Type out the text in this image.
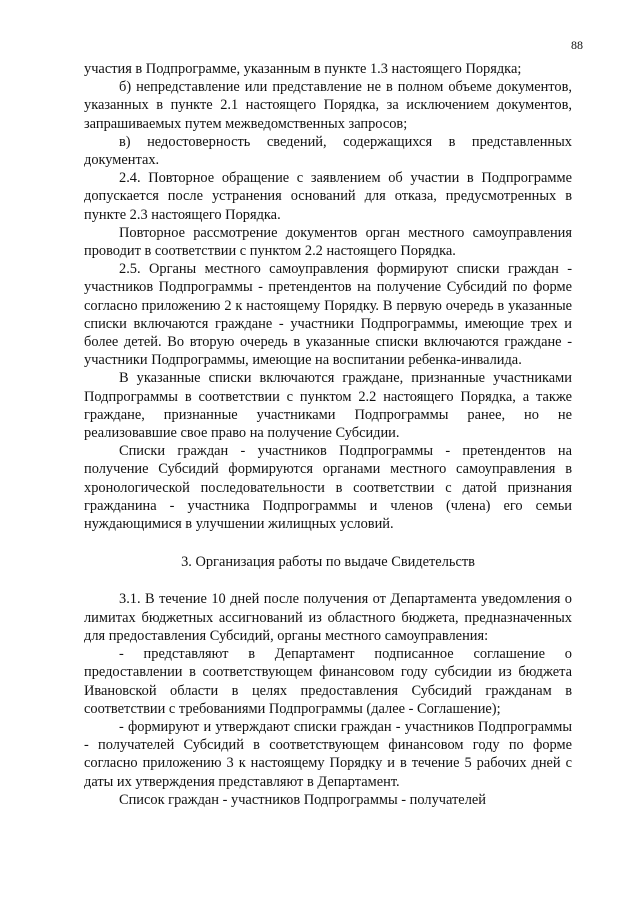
88

участия в Подпрограмме, указанным в пункте 1.3 настоящего Порядка;

б) непредставление или представление не в полном объеме документов, указанных в пункте 2.1 настоящего Порядка, за исключением документов, запрашиваемых путем межведомственных запросов;

в) недостоверность сведений, содержащихся в представленных документах.

2.4. Повторное обращение с заявлением об участии в Подпрограмме допускается после устранения оснований для отказа, предусмотренных в пункте 2.3 настоящего Порядка.

Повторное рассмотрение документов орган местного самоуправления проводит в соответствии с пунктом 2.2 настоящего Порядка.

2.5. Органы местного самоуправления формируют списки граждан - участников Подпрограммы - претендентов на получение Субсидий по форме согласно приложению 2 к настоящему Порядку. В первую очередь в указанные списки включаются граждане - участники Подпрограммы, имеющие трех и более детей. Во вторую очередь в указанные списки включаются граждане - участники Подпрограммы, имеющие на воспитании ребенка-инвалида.

В указанные списки включаются граждане, признанные участниками Подпрограммы в соответствии с пунктом 2.2 настоящего Порядка, а также граждане, признанные участниками Подпрограммы ранее, но не реализовавшие свое право на получение Субсидии.

Списки граждан - участников Подпрограммы - претендентов на получение Субсидий формируются органами местного самоуправления в хронологической последовательности в соответствии с датой признания гражданина - участника Подпрограммы и членов (члена) его семьи нуждающимися в улучшении жилищных условий.

3. Организация работы по выдаче Свидетельств

3.1. В течение 10 дней после получения от Департамента уведомления о лимитах бюджетных ассигнований из областного бюджета, предназначенных для предоставления Субсидий, органы местного самоуправления:

- представляют в Департамент подписанное соглашение о предоставлении в соответствующем финансовом году субсидии из бюджета Ивановской области в целях предоставления Субсидий гражданам в соответствии с требованиями Подпрограммы (далее - Соглашение);

- формируют и утверждают списки граждан - участников Подпрограммы - получателей Субсидий в соответствующем финансовом году по форме согласно приложению 3 к настоящему Порядку и в течение 5 рабочих дней с даты их утверждения представляют в Департамент.

Список граждан - участников Подпрограммы - получателей
